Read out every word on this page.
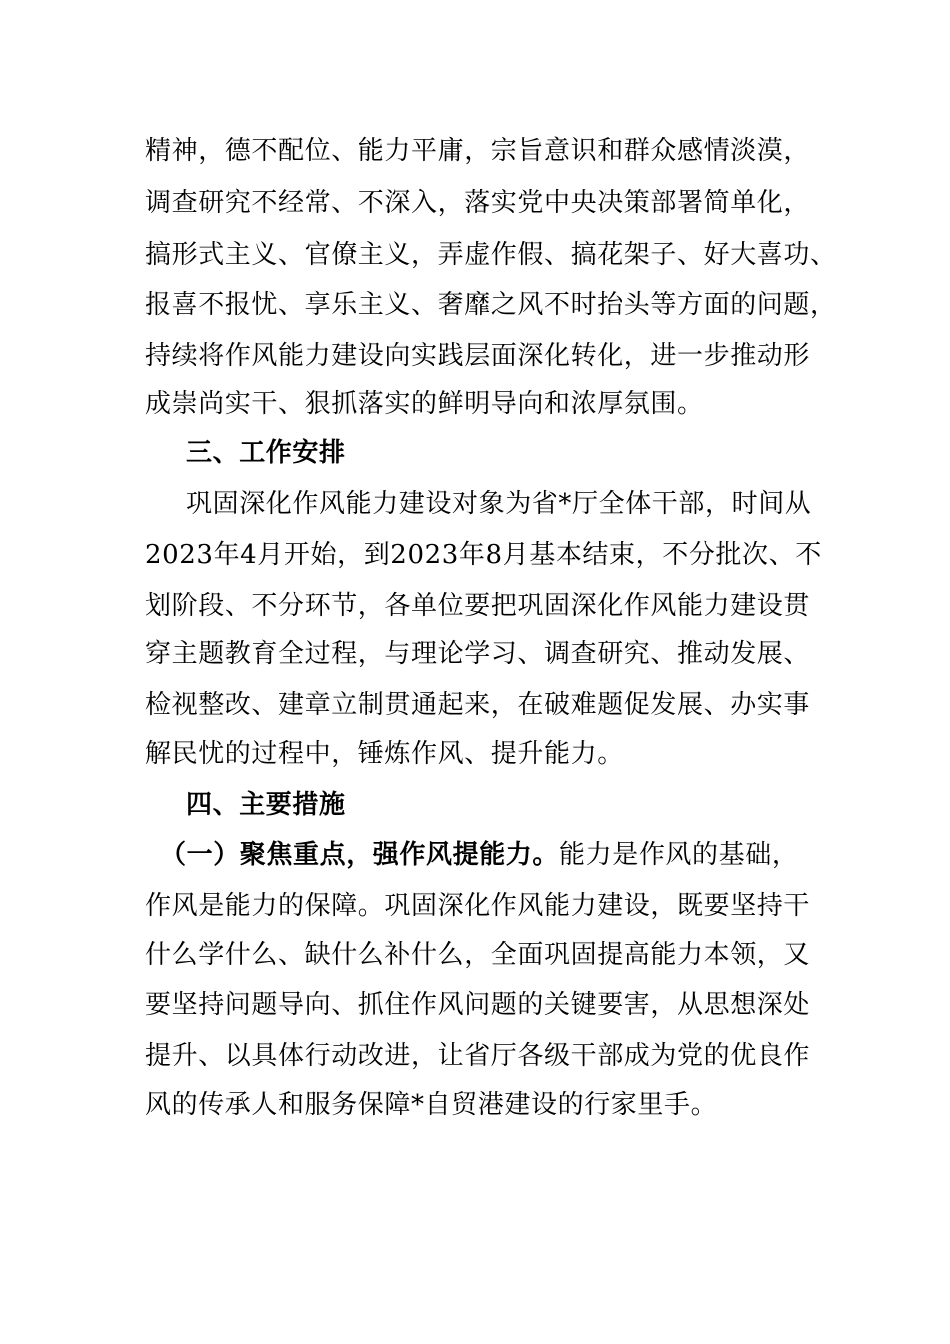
精神，德不配位、能力平庸，宗旨意识和群众感情淡漠，
调查研究不经常、不深入，落实党中央决策部署简单化，
搞形式主义、官僚主义，弄虚作假、搞花架子、好大喜功、
报喜不报忧、享乐主义、奢靡之风不时抬头等方面的问题，
持续将作风能力建设向实践层面深化转化，进一步推动形
成崇尚实干、狠抓落实的鲜明导向和浓厚氛围。
三、工作安排
巩固深化作风能力建设对象为省*厅全体干部，时间从
2023年4月开始，到2023年8月基本结束，不分批次、不
划阶段、不分环节，各单位要把巩固深化作风能力建设贯
穿主题教育全过程，与理论学习、调查研究、推动发展、
检视整改、建章立制贯通起来，在破难题促发展、办实事
解民忧的过程中，锤炼作风、提升能力。
四、主要措施
（一）聚焦重点，强作风提能力。能力是作风的基础，
作风是能力的保障。巩固深化作风能力建设，既要坚持干
什么学什么、缺什么补什么，全面巩固提高能力本领，又
要坚持问题导向、抓住作风问题的关键要害，从思想深处
提升、以具体行动改进，让省厅各级干部成为党的优良作
风的传承人和服务保障*自贸港建设的行家里手。
